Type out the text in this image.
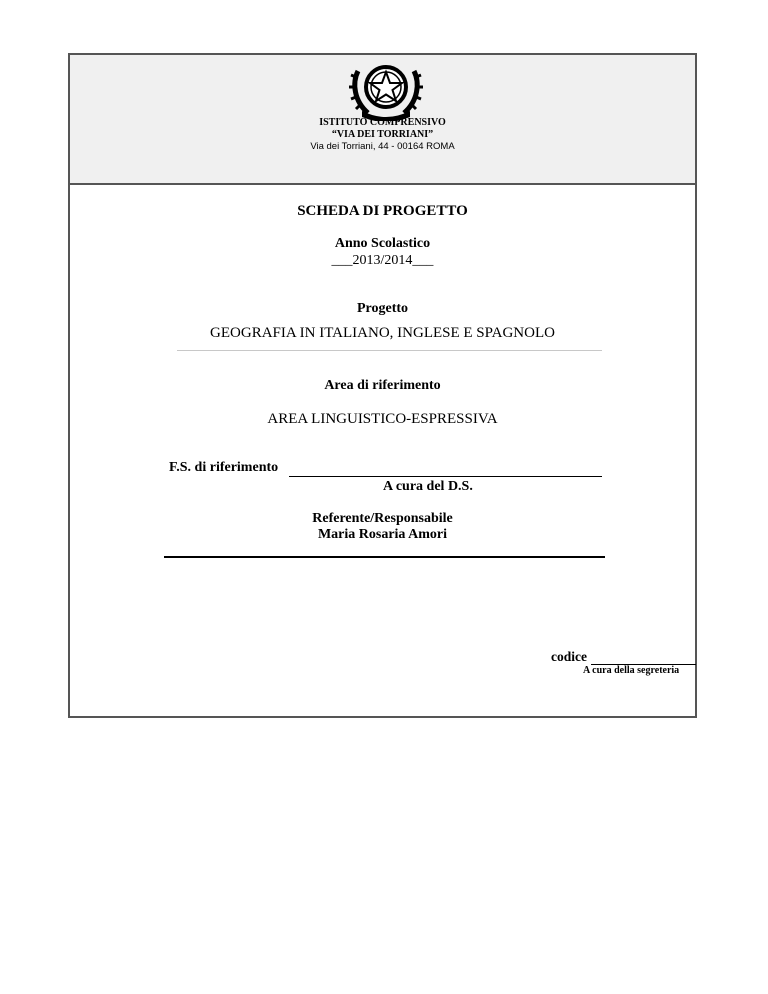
ISTITUTO COMPRENSIVO
“VIA DEI TORRIANI”
Via dei Torriani, 44 - 00164 ROMA
SCHEDA DI PROGETTO
Anno Scolastico
___2013/2014___
Progetto
GEOGRAFIA IN ITALIANO, INGLESE E SPAGNOLO
Area di riferimento
AREA LINGUISTICO-ESPRESSIVA
F.S. di riferimento
A cura del D.S.
Referente/Responsabile
Maria Rosaria Amori
codice
A cura della segreteria
